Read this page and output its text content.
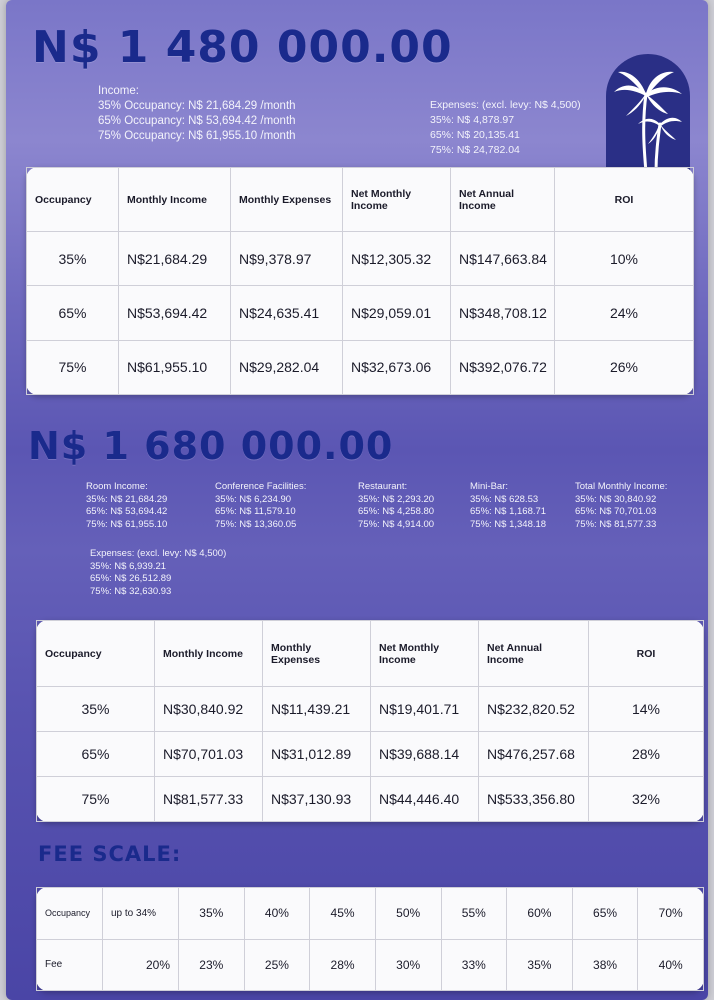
N$ 1 480 000.00
Income:
35% Occupancy: N$ 21,684.29 /month
65% Occupancy: N$ 53,694.42 /month
75% Occupancy: N$ 61,955.10 /month
Expenses: (excl. levy: N$ 4,500)
35%: N$ 4,878.97
65%: N$ 20,135.41
75%: N$ 24,782.04
Occupancy	Monthly Income	Monthly Expenses	Net Monthly Income	Net Annual Income	ROI
35%	N$21,684.29	N$9,378.97	N$12,305.32	N$147,663.84	10%
65%	N$53,694.42	N$24,635.41	N$29,059.01	N$348,708.12	24%
75%	N$61,955.10	N$29,282.04	N$32,673.06	N$392,076.72	26%
N$ 1 680 000.00
Room Income:
35%: N$ 21,684.29
65%: N$ 53,694.42
75%: N$ 61,955.10
Conference Facilities:
35%: N$ 6,234.90
65%: N$ 11,579.10
75%: N$ 13,360.05
Restaurant:
35%: N$ 2,293.20
65%: N$ 4,258.80
75%: N$ 4,914.00
Mini-Bar:
35%: N$ 628.53
65%: N$ 1,168.71
75%: N$ 1,348.18
Total Monthly Income:
35%: N$ 30,840.92
65%: N$ 70,701.03
75%: N$ 81,577.33
Expenses: (excl. levy: N$ 4,500)
35%: N$ 6,939.21
65%: N$ 26,512.89
75%: N$ 32,630.93
Occupancy	Monthly Income	Monthly Expenses	Net Monthly Income	Net Annual Income	ROI
35%	N$30,840.92	N$11,439.21	N$19,401.71	N$232,820.52	14%
65%	N$70,701.03	N$31,012.89	N$39,688.14	N$476,257.68	28%
75%	N$81,577.33	N$37,130.93	N$44,446.40	N$533,356.80	32%
FEE SCALE:
Occupancy	up to 34%	35%	40%	45%	50%	55%	60%	65%	70%
Fee	20%	23%	25%	28%	30%	33%	35%	38%	40%
